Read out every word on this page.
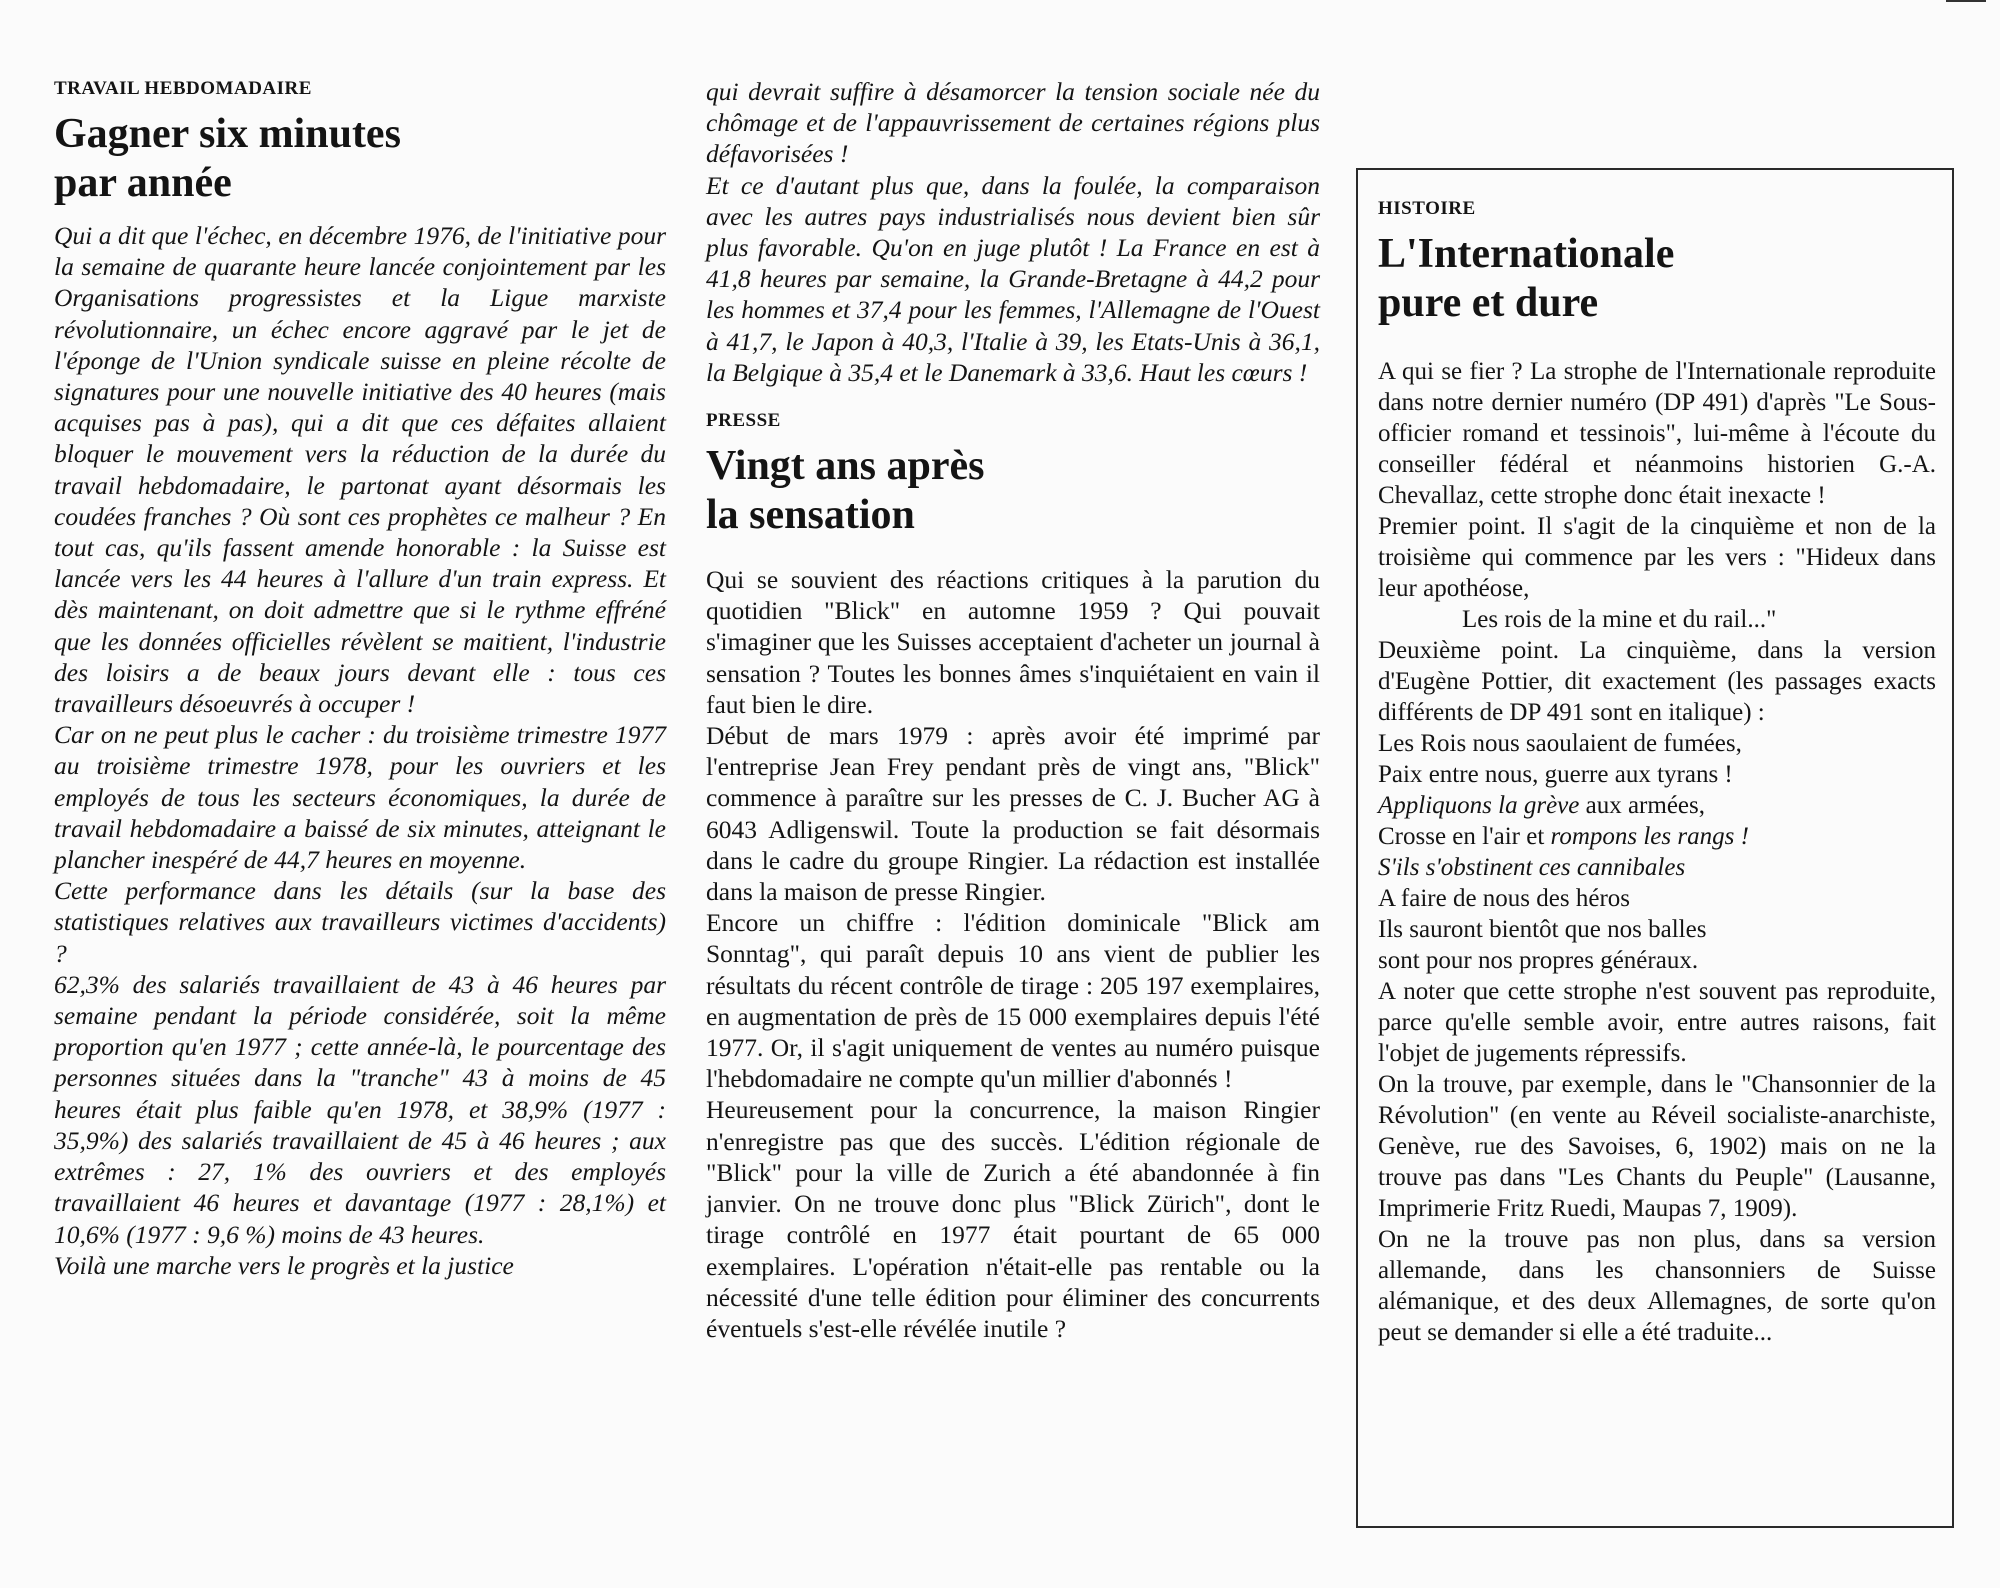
TRAVAIL HEBDOMADAIRE
Gagner six minutes
par année

Qui a dit que l'échec, en décembre 1976, de l'initiative pour la semaine de quarante heure lancée conjointement par les Organisations progressistes et la Ligue marxiste révolutionnaire, un échec encore aggravé par le jet de l'éponge de l'Union syndicale suisse en pleine récolte de signatures pour une nouvelle initiative des 40 heures (mais acquises pas à pas), qui a dit que ces défaites allaient bloquer le mouvement vers la réduction de la durée du travail hebdomadaire, le partonat ayant désormais les coudées franches ? Où sont ces prophètes ce malheur ? En tout cas, qu'ils fassent amende honorable : la Suisse est lancée vers les 44 heures à l'allure d'un train express. Et dès maintenant, on doit admettre que si le rythme effréné que les données officielles révèlent se maitient, l'industrie des loisirs a de beaux jours devant elle : tous ces travailleurs désoeuvrés à occuper !

Car on ne peut plus le cacher : du troisième trimestre 1977 au troisième trimestre 1978, pour les ouvriers et les employés de tous les secteurs économiques, la durée de travail hebdomadaire a baissé de six minutes, atteignant le plancher inespéré de 44,7 heures en moyenne.

Cette performance dans les détails (sur la base des statistiques relatives aux travailleurs victimes d'accidents) ?

62,3% des salariés travaillaient de 43 à 46 heures par semaine pendant la période considérée, soit la même proportion qu'en 1977 ; cette année-là, le pourcentage des personnes situées dans la "tranche" 43 à moins de 45 heures était plus faible qu'en 1978, et 38,9% (1977 : 35,9%) des salariés travaillaient de 45 à 46 heures ; aux extrêmes : 27, 1% des ouvriers et des employés travaillaient 46 heures et davantage (1977 : 28,1%) et 10,6% (1977 : 9,6 %) moins de 43 heures.

Voilà une marche vers le progrès et la justice

qui devrait suffire à désamorcer la tension sociale née du chômage et de l'appauvrissement de certaines régions plus défavorisées !

Et ce d'autant plus que, dans la foulée, la comparaison avec les autres pays industrialisés nous devient bien sûr plus favorable. Qu'on en juge plutôt ! La France en est à 41,8 heures par semaine, la Grande-Bretagne à 44,2 pour les hommes et 37,4 pour les femmes, l'Allemagne de l'Ouest à 41,7, le Japon à 40,3, l'Italie à 39, les Etats-Unis à 36,1, la Belgique à 35,4 et le Danemark à 33,6. Haut les cœurs !

PRESSE
Vingt ans après
la sensation

Qui se souvient des réactions critiques à la parution du quotidien "Blick" en automne 1959 ? Qui pouvait s'imaginer que les Suisses acceptaient d'acheter un journal à sensation ? Toutes les bonnes âmes s'inquiétaient en vain il faut bien le dire.

Début de mars 1979 : après avoir été imprimé par l'entreprise Jean Frey pendant près de vingt ans, "Blick" commence à paraître sur les presses de C. J. Bucher AG à 6043 Adligenswil. Toute la production se fait désormais dans le cadre du groupe Ringier. La rédaction est installée dans la maison de presse Ringier.

Encore un chiffre : l'édition dominicale "Blick am Sonntag", qui paraît depuis 10 ans vient de publier les résultats du récent contrôle de tirage : 205 197 exemplaires, en augmentation de près de 15 000 exemplaires depuis l'été 1977. Or, il s'agit uniquement de ventes au numéro puisque l'hebdomadaire ne compte qu'un millier d'abonnés !

Heureusement pour la concurrence, la maison Ringier n'enregistre pas que des succès. L'édition régionale de "Blick" pour la ville de Zurich a été abandonnée à fin janvier. On ne trouve donc plus "Blick Zürich", dont le tirage contrôlé en 1977 était pourtant de 65 000 exemplaires. L'opération n'était-elle pas rentable ou la nécessité d'une telle édition pour éliminer des concurrents éventuels s'est-elle révélée inutile ?

HISTOIRE
L'Internationale
pure et dure

A qui se fier ? La strophe de l'Internationale reproduite dans notre dernier numéro (DP 491) d'après "Le Sous-officier romand et tessinois", lui-même à l'écoute du conseiller fédéral et néanmoins historien G.-A. Chevallaz, cette strophe donc était inexacte !

Premier point. Il s'agit de la cinquième et non de la troisième qui commence par les vers : "Hideux dans leur apothéose,

Les rois de la mine et du rail..."

Deuxième point. La cinquième, dans la version d'Eugène Pottier, dit exactement (les passages exacts différents de DP 491 sont en italique) :

Les Rois nous saoulaient de fumées,

Paix entre nous, guerre aux tyrans !

Appliquons la grève aux armées,

Crosse en l'air et rompons les rangs !

S'ils s'obstinent ces cannibales

A faire de nous des héros

Ils sauront bientôt que nos balles

sont pour nos propres généraux.

A noter que cette strophe n'est souvent pas reproduite, parce qu'elle semble avoir, entre autres raisons, fait l'objet de jugements répressifs.

On la trouve, par exemple, dans le "Chansonnier de la Révolution" (en vente au Réveil socialiste-anarchiste, Genève, rue des Savoises, 6, 1902) mais on ne la trouve pas dans "Les Chants du Peuple" (Lausanne, Imprimerie Fritz Ruedi, Maupas 7, 1909).

On ne la trouve pas non plus, dans sa version allemande, dans les chansonniers de Suisse alémanique, et des deux Allemagnes, de sorte qu'on peut se demander si elle a été traduite...
